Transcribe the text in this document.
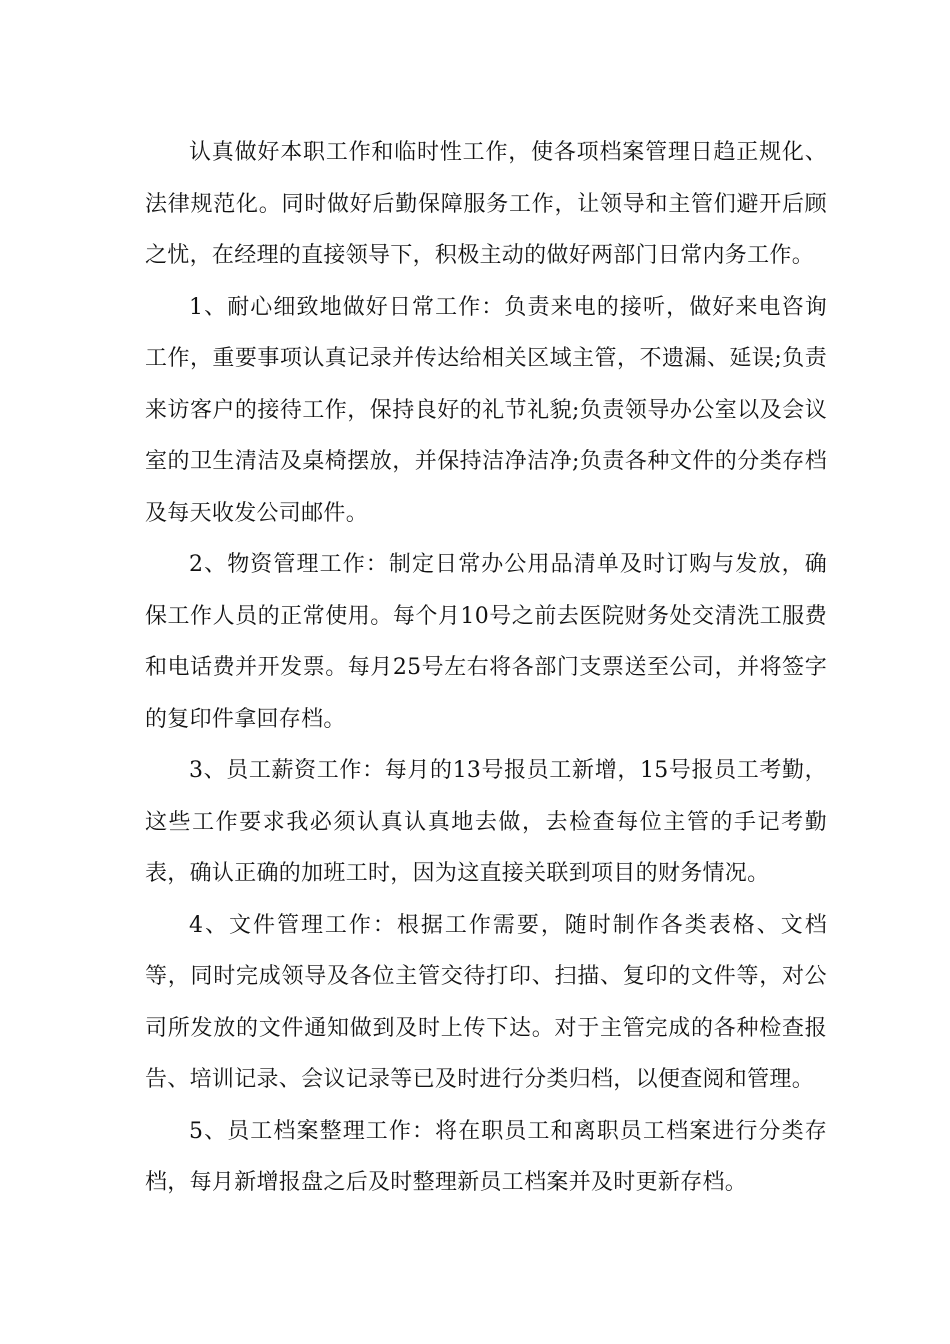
认真做好本职工作和临时性工作，使各项档案管理日趋正规化、法律规范化。同时做好后勤保障服务工作，让领导和主管们避开后顾之忧，在经理的直接领导下，积极主动的做好两部门日常内务工作。

1、耐心细致地做好日常工作：负责来电的接听，做好来电咨询工作，重要事项认真记录并传达给相关区域主管，不遗漏、延误;负责来访客户的接待工作，保持良好的礼节礼貌;负责领导办公室以及会议室的卫生清洁及桌椅摆放，并保持洁净洁净;负责各种文件的分类存档及每天收发公司邮件。

2、物资管理工作：制定日常办公用品清单及时订购与发放，确保工作人员的正常使用。每个月10号之前去医院财务处交清洗工服费和电话费并开发票。每月25号左右将各部门支票送至公司，并将签字的复印件拿回存档。

3、员工薪资工作：每月的13号报员工新增，15号报员工考勤，这些工作要求我必须认真认真地去做，去检查每位主管的手记考勤表，确认正确的加班工时，因为这直接关联到项目的财务情况。

4、文件管理工作：根据工作需要，随时制作各类表格、文档等，同时完成领导及各位主管交待打印、扫描、复印的文件等，对公司所发放的文件通知做到及时上传下达。对于主管完成的各种检查报告、培训记录、会议记录等已及时进行分类归档，以便查阅和管理。

5、员工档案整理工作：将在职员工和离职员工档案进行分类存档，每月新增报盘之后及时整理新员工档案并及时更新存档。
